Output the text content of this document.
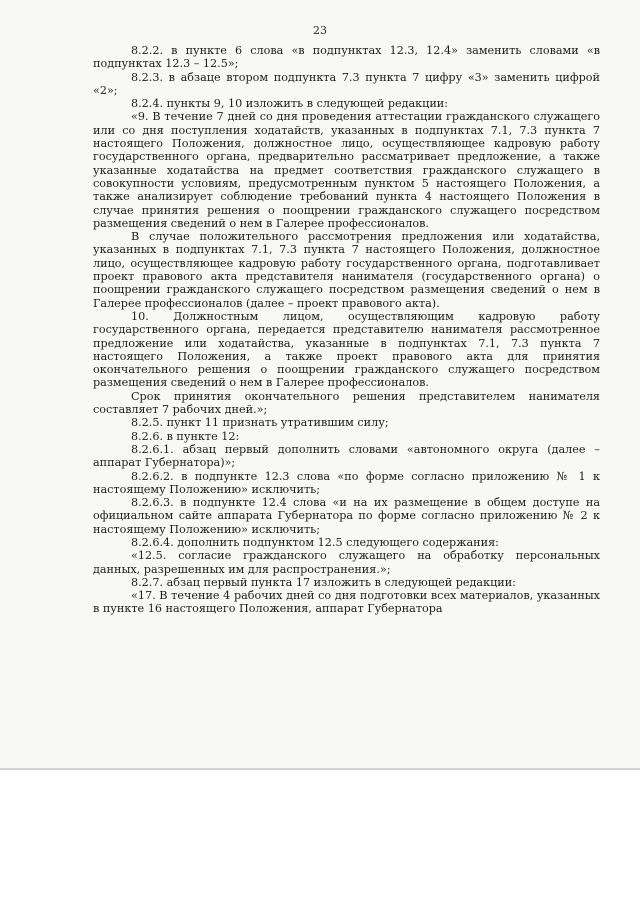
23

8.2.2. в пункте 6 слова «в подпунктах 12.3, 12.4» заменить словами «в подпунктах 12.3 – 12.5»;

8.2.3. в абзаце втором подпункта 7.3 пункта 7 цифру «3» заменить цифрой «2»;

8.2.4. пункты 9, 10 изложить в следующей редакции:

«9. В течение 7 дней со дня проведения аттестации гражданского служащего или со дня поступления ходатайств, указанных в подпунктах 7.1, 7.3 пункта 7 настоящего Положения, должностное лицо, осуществляющее кадровую работу государственного органа, предварительно рассматривает предложение, а также указанные ходатайства на предмет соответствия гражданского служащего в совокупности условиям, предусмотренным пунктом 5 настоящего Положения, а также анализирует соблюдение требований пункта 4 настоящего Положения в случае принятия решения о поощрении гражданского служащего посредством размещения сведений о нем в Галерее профессионалов.

В случае положительного рассмотрения предложения или ходатайства, указанных в подпунктах 7.1, 7.3 пункта 7 настоящего Положения, должностное лицо, осуществляющее кадровую работу государственного органа, подготавливает проект правового акта представителя нанимателя (государственного органа) о поощрении гражданского служащего посредством размещения сведений о нем в Галерее профессионалов (далее – проект правового акта).

10. Должностным лицом, осуществляющим кадровую работу государственного органа, передается представителю нанимателя рассмотренное предложение или ходатайства, указанные в подпунктах 7.1, 7.3 пункта 7 настоящего Положения, а также проект правового акта для принятия окончательного решения о поощрении гражданского служащего посредством размещения сведений о нем в Галерее профессионалов.

Срок принятия окончательного решения представителем нанимателя составляет 7 рабочих дней.»;

8.2.5. пункт 11 признать утратившим силу;

8.2.6. в пункте 12:

8.2.6.1. абзац первый дополнить словами «автономного округа (далее – аппарат Губернатора)»;

8.2.6.2. в подпункте 12.3 слова «по форме согласно приложению № 1 к настоящему Положению» исключить;

8.2.6.3. в подпункте 12.4 слова «и на их размещение в общем доступе на официальном сайте аппарата Губернатора по форме согласно приложению № 2 к настоящему Положению» исключить;

8.2.6.4. дополнить подпунктом 12.5 следующего содержания:

«12.5. согласие гражданского служащего на обработку персональных данных, разрешенных им для распространения.»;

8.2.7. абзац первый пункта 17 изложить в следующей редакции:

«17. В течение 4 рабочих дней со дня подготовки всех материалов, указанных в пункте 16 настоящего Положения, аппарат Губернатора
